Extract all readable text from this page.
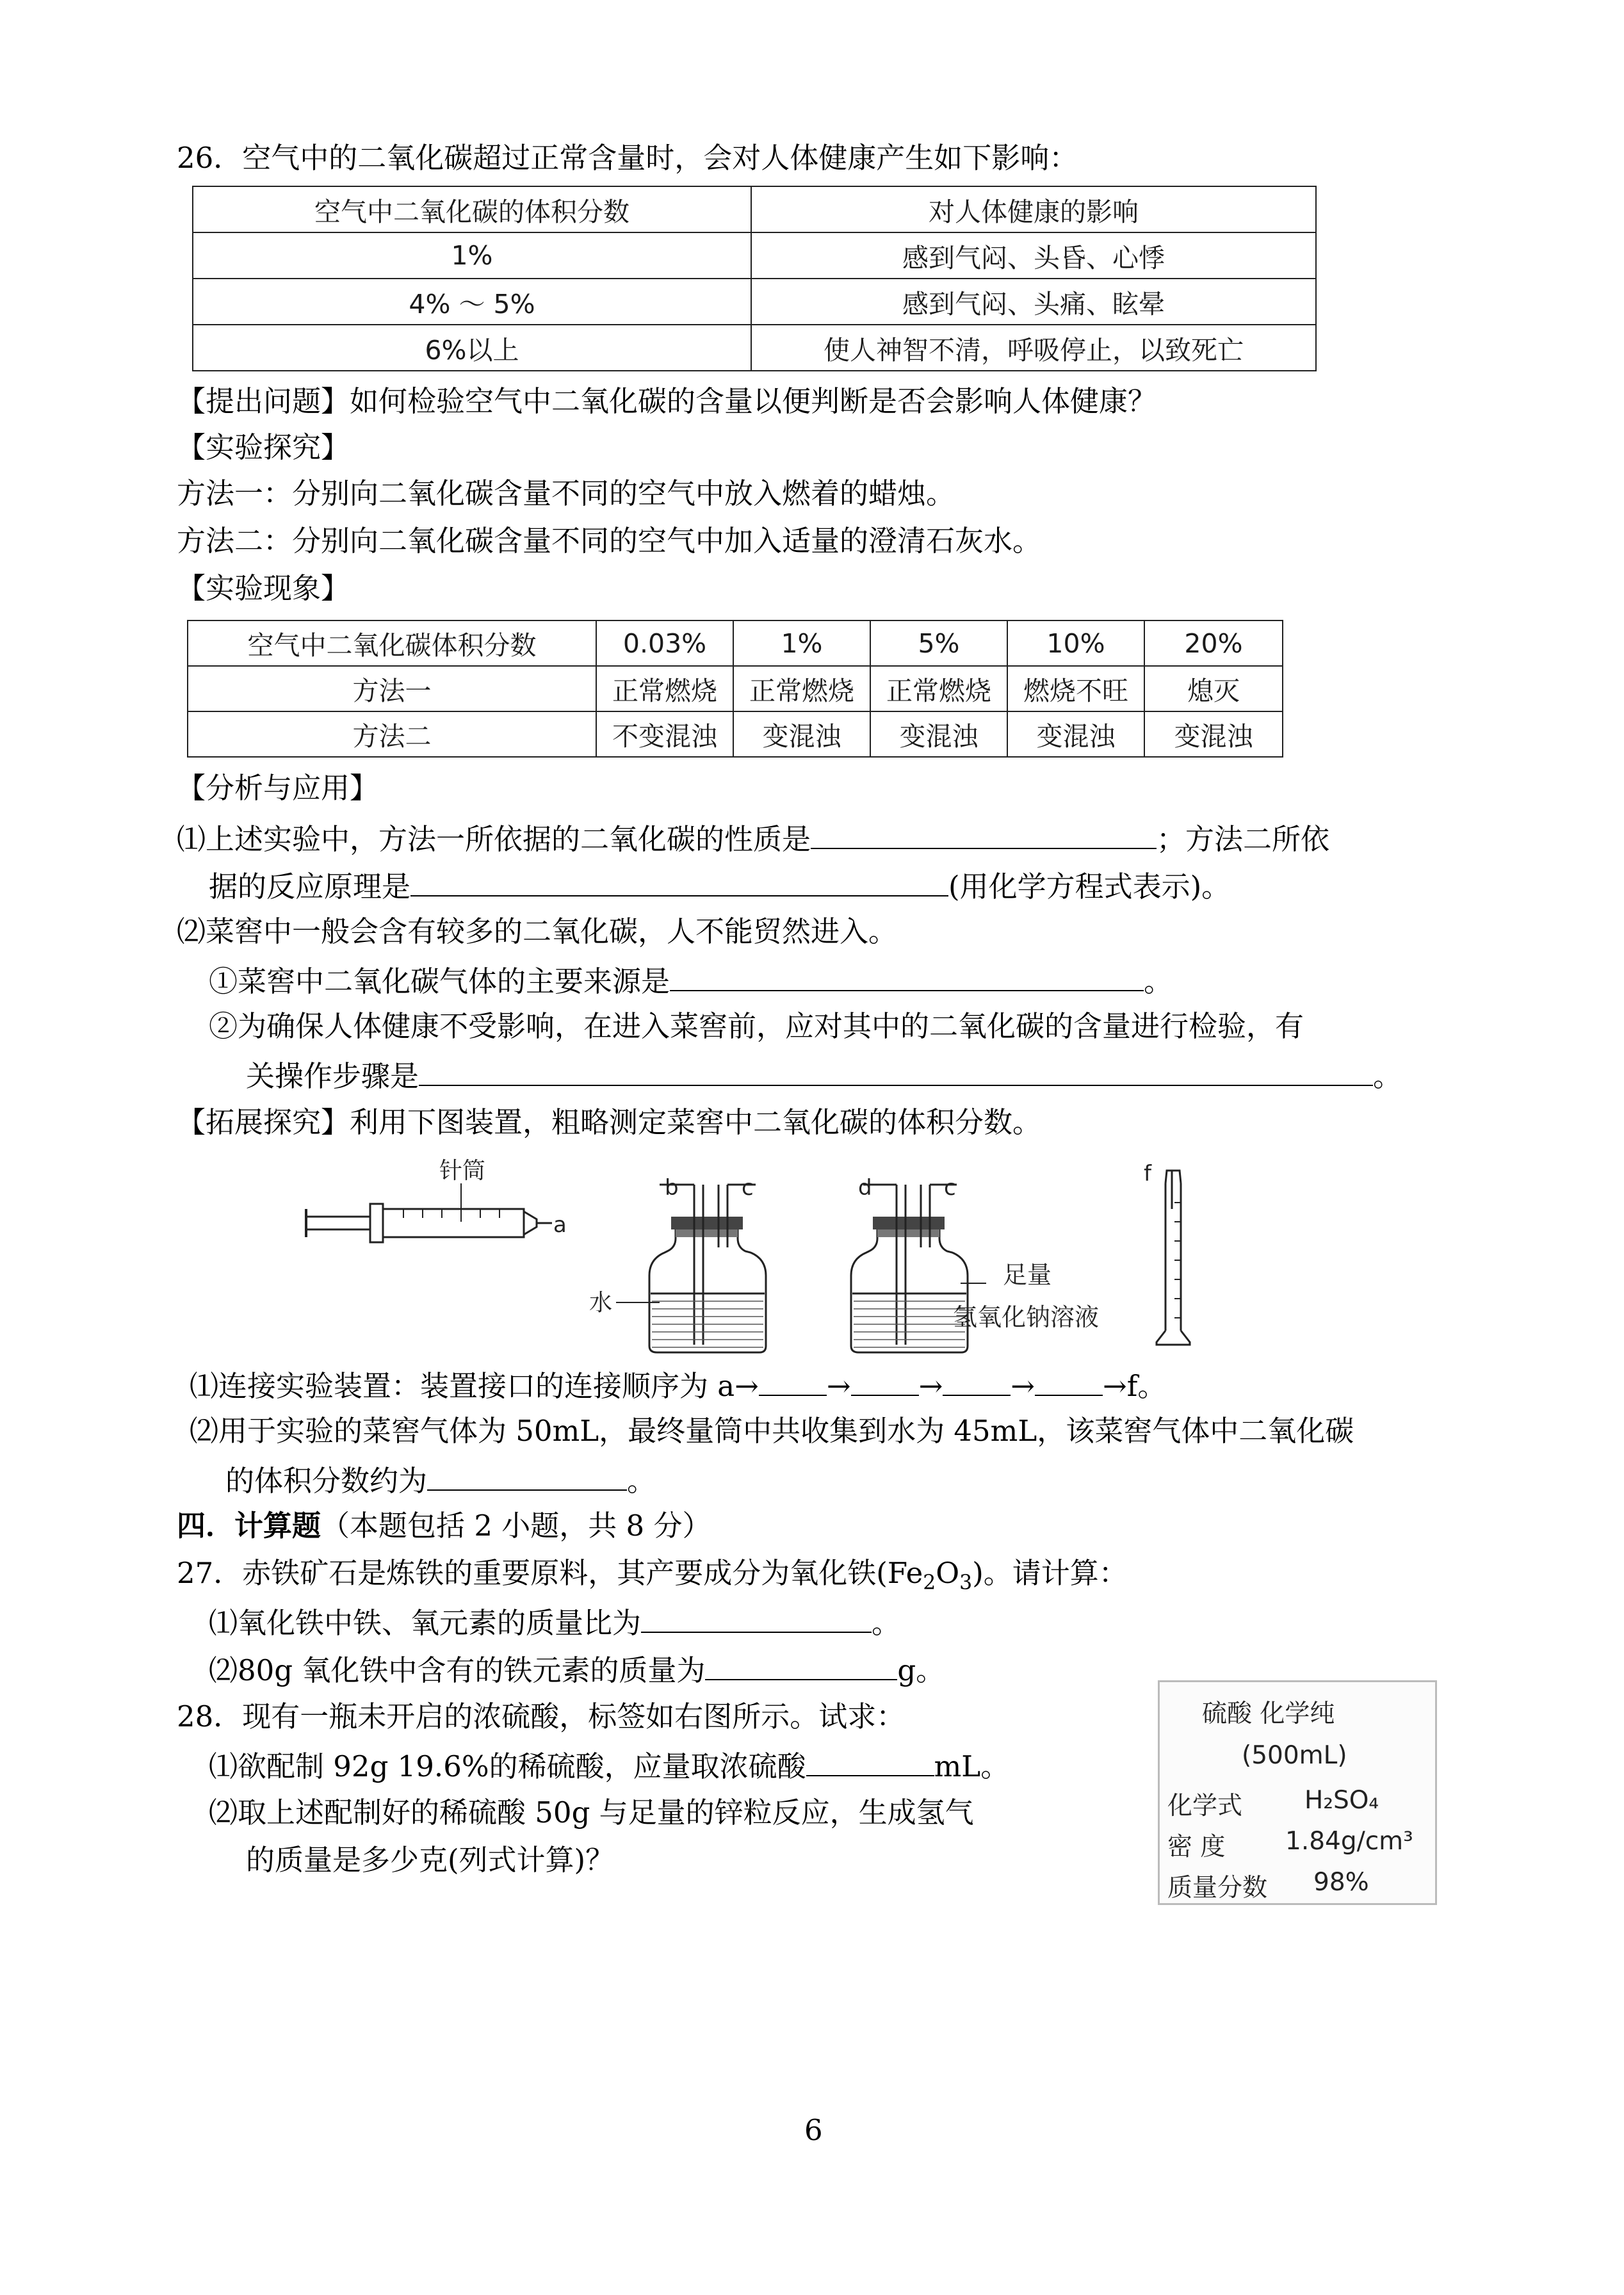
26．空气中的二氧化碳超过正常含量时，会对人体健康产生如下影响：
空气中二氧化碳的体积分数	对人体健康的影响
1%	感到气闷、头昏、心悸
4% ～ 5%	感到气闷、头痛、眩晕
6%以上	使人神智不清，呼吸停止，以致死亡
【提出问题】如何检验空气中二氧化碳的含量以便判断是否会影响人体健康？
【实验探究】
方法一：分别向二氧化碳含量不同的空气中放入燃着的蜡烛。
方法二：分别向二氧化碳含量不同的空气中加入适量的澄清石灰水。
【实验现象】
空气中二氧化碳体积分数	0.03%	1%	5%	10%	20%
方法一	正常燃烧	正常燃烧	正常燃烧	燃烧不旺	熄灭
方法二	不变混浊	变混浊	变混浊	变混浊	变混浊
【分析与应用】
⑴上述实验中，方法一所依据的二氧化碳的性质是	；方法二所依
据的反应原理是	(用化学方程式表示)。
⑵菜窖中一般会含有较多的二氧化碳，人不能贸然进入。
①菜窖中二氧化碳气体的主要来源是	。
②为确保人体健康不受影响，在进入菜窖前，应对其中的二氧化碳的含量进行检验，有
关操作步骤是	。
【拓展探究】利用下图装置，粗略测定菜窖中二氧化碳的体积分数。
针筒
a
b	c
水
d	c
足量
氢氧化钠溶液
f
⑴连接实验装置：装置接口的连接顺序为 a→ → → → →f。
⑵用于实验的菜窖气体为 50mL，最终量筒中共收集到水为 45mL，该菜窖气体中二氧化碳
的体积分数约为	。
四．计算题（本题包括 2 小题，共 8 分）
27．赤铁矿石是炼铁的重要原料，其产要成分为氧化铁$(Fe_2O_3)$。请计算：
⑴氧化铁中铁、氧元素的质量比为	。
⑵80g 氧化铁中含有的铁元素的质量为	g。
28．现有一瓶未开启的浓硫酸，标签如右图所示。试求：
⑴欲配制 92g 19.6%的稀硫酸，应量取浓硫酸	mL。
⑵取上述配制好的稀硫酸 50g 与足量的锌粒反应，生成氢气
的质量是多少克(列式计算)？
硫酸 化学纯
(500mL)
化学式 H₂SO₄
密 度 1.84g/cm³
质量分数 98%
6
